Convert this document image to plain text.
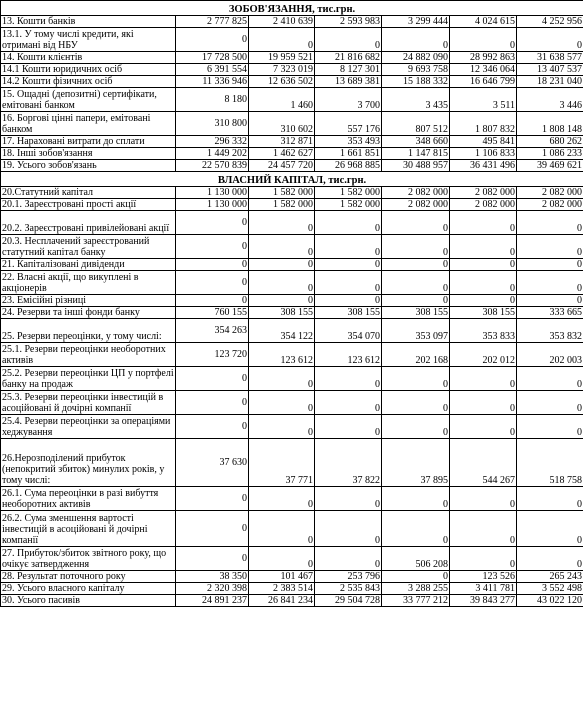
ЗОБОВ'ЯЗАННЯ, тис.грн.						
13. Кошти банків	2 777 825	2 410 639	2 593 983	3 299 444	4 024 615	4 252 956
13.1. У тому числі кредити, які отримані від НБУ	0	0	0	0	0	0
14. Кошти клієнтів	17 728 500	19 959 521	21 816 682	24 882 090	28 992 863	31 638 577
14.1 Кошти юридичних осіб	6 391 554	7 323 019	8 127 301	9 693 758	12 346 064	13 407 537
14.2 Кошти фізичних осіб	11 336 946	12 636 502	13 689 381	15 188 332	16 646 799	18 231 040
15. Ощадні (депозитні) сертифікати, емітовані банком	8 180	1 460	3 700	3 435	3 511	3 446
16. Боргові цінні папери, емітовані банком	310 800	310 602	557 176	807 512	1 807 832	1 808 148
17. Нараховані витрати до сплати	296 332	312 871	353 493	348 660	495 841	680 262
18. Інші зобов'язання	1 449 202	1 462 627	1 661 851	1 147 815	1 106 833	1 086 233
19. Усього зобов'язань	22 570 839	24 457 720	26 968 885	30 488 957	36 431 496	39 469 621
ВЛАСНИЙ КАПІТАЛ, тис.грн.						
20.Статутний капітал	1 130 000	1 582 000	1 582 000	2 082 000	2 082 000	2 082 000
20.1. Зареєстровані прості акції	1 130 000	1 582 000	1 582 000	2 082 000	2 082 000	2 082 000
20.2. Зареєстровані привілейовані акції	0	0	0	0	0	0
20.3. Несплачений зареєстрований статутний капітал банку	0	0	0	0	0	0
21. Капіталізовані дивіденди	0	0	0	0	0	0
22. Власні акції, що викуплені в акціонерів	0	0	0	0	0	0
23. Емісійні різниці	0	0	0	0	0	0
24. Резерви та інші фонди банку	760 155	308 155	308 155	308 155	308 155	333 665
25. Резерви переоцінки, у тому числі:	354 263	354 122	354 070	353 097	353 833	353 832
25.1. Резерви переоцінки необоротних активів	123 720	123 612	123 612	202 168	202 012	202 003
25.2. Резерви переоцінки ЦП у портфелі банку на продаж	0	0	0	0	0	0
25.3. Резерви переоцінки інвестицій в асоційовані й дочірні компанії	0	0	0	0	0	0
25.4. Резерви переоцінки за операціями хеджування	0	0	0	0	0	0
26.Нерозподілений прибуток (непокритий збиток) минулих років, у тому числі:	37 630	37 771	37 822	37 895	544 267	518 758
26.1. Сума переоцінки в разі вибуття необоротних активів	0	0	0	0	0	0
26.2. Сума зменшення вартості інвестицій в асоційовані й дочірні компанії	0	0	0	0	0	0
27. Прибуток/збиток звітного року, що очікує затвердження	0	0	0	506 208	0	0
28. Результат поточного року	38 350	101 467	253 796	0	123 526	265 243
29. Усього власного капіталу	2 320 398	2 383 514	2 535 843	3 288 255	3 411 781	3 552 498
30. Усього пасивів	24 891 237	26 841 234	29 504 728	33 777 212	39 843 277	43 022 120
